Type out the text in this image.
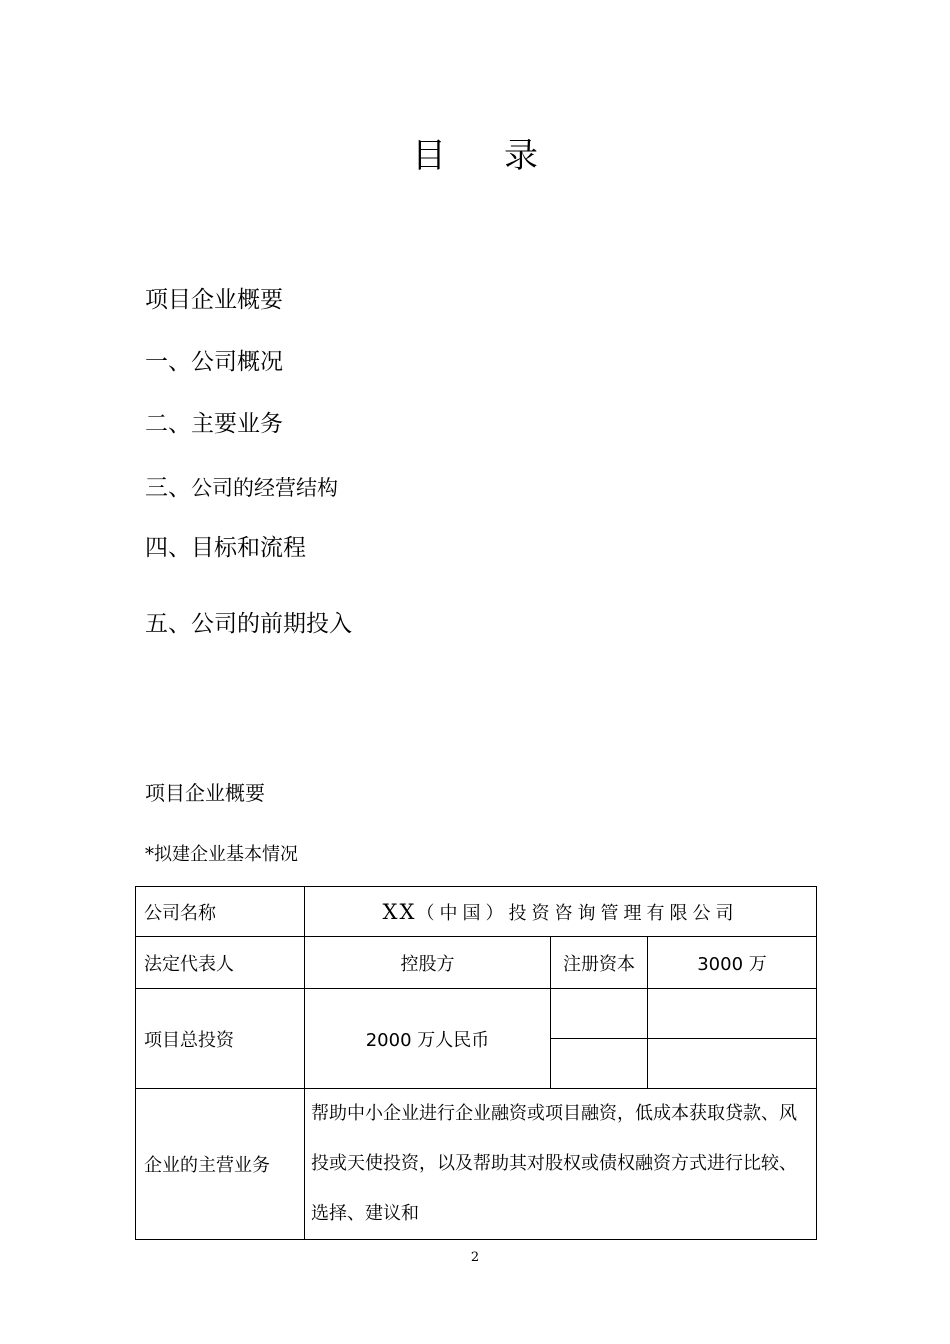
目 录
项目企业概要
一、公司概况
二、主要业务
三、公司的经营结构
四、目标和流程
五、公司的前期投入
项目企业概要
*拟建企业基本情况
公司名称	XX（中国）投资咨询管理有限公司		
法定代表人	控股方	注册资本	3000 万
项目总投资	2000 万人民币		

企业的主营业务	帮助中小企业进行企业融资或项目融资，低成本获取贷款、风投或天使投资，以及帮助其对股权或债权融资方式进行比较、选择、建议和		
2
